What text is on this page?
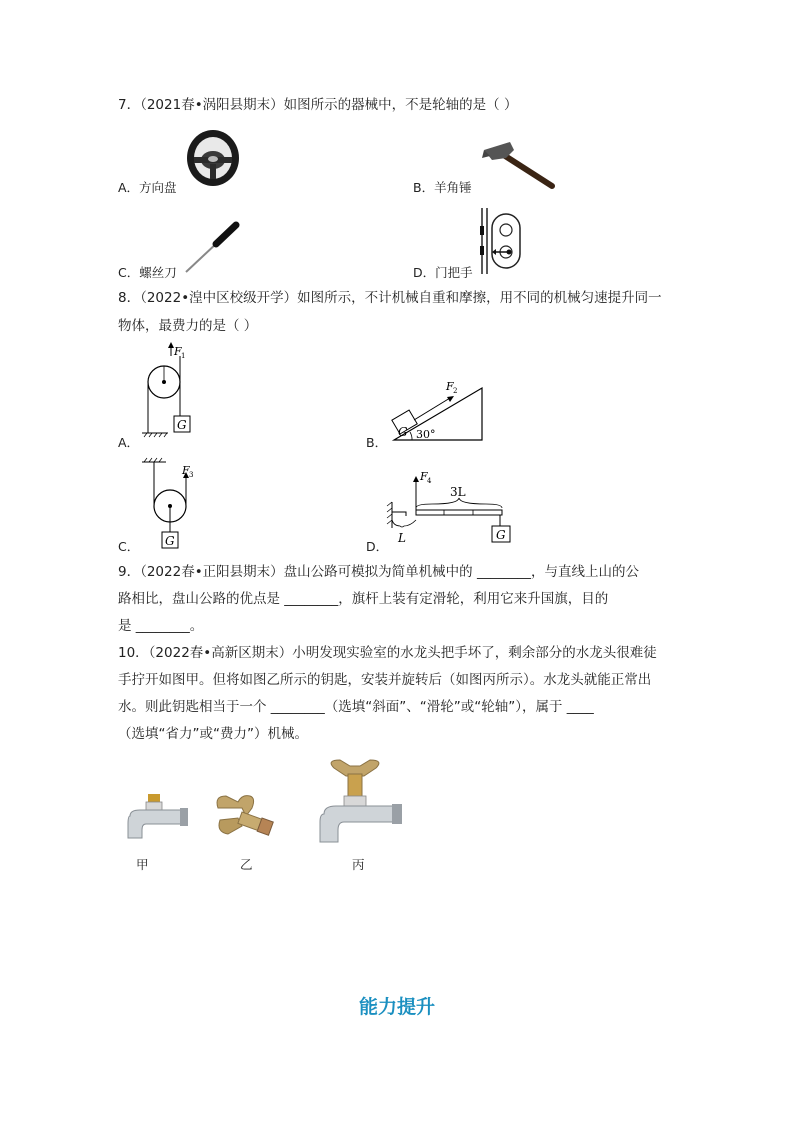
7．（2021春•涡阳县期末）如图所示的器械中，不是轮轴的是（ ）
A．方向盘	B．羊角锤
C．螺丝刀	D．门把手
8．（2022•湟中区校级开学）如图所示，不计机械自重和摩擦，用不同的机械匀速提升同一
物体，最费力的是（ ）
A．
F 1
G
B．
G
F 2
30°
C．
F 3
G	D．
F 4
3L
L	G
9．（2022春•正阳县期末）盘山公路可模拟为简单机械中的 ________，与直线上山的公
路相比，盘山公路的优点是 ________，旗杆上装有定滑轮，利用它来升国旗，目的
是 ________。
10．（2022春•高新区期末）小明发现实验室的水龙头把手坏了，剩余部分的水龙头很难徒
手拧开如图甲。但将如图乙所示的钥匙，安装并旋转后（如图丙所示）。水龙头就能正常出
水。则此钥匙相当于一个 ________（选填“斜面”、“滑轮”或“轮轴”），属于 ____
（选填“省力”或“费力”）机械。
甲	乙	丙
能力提升
